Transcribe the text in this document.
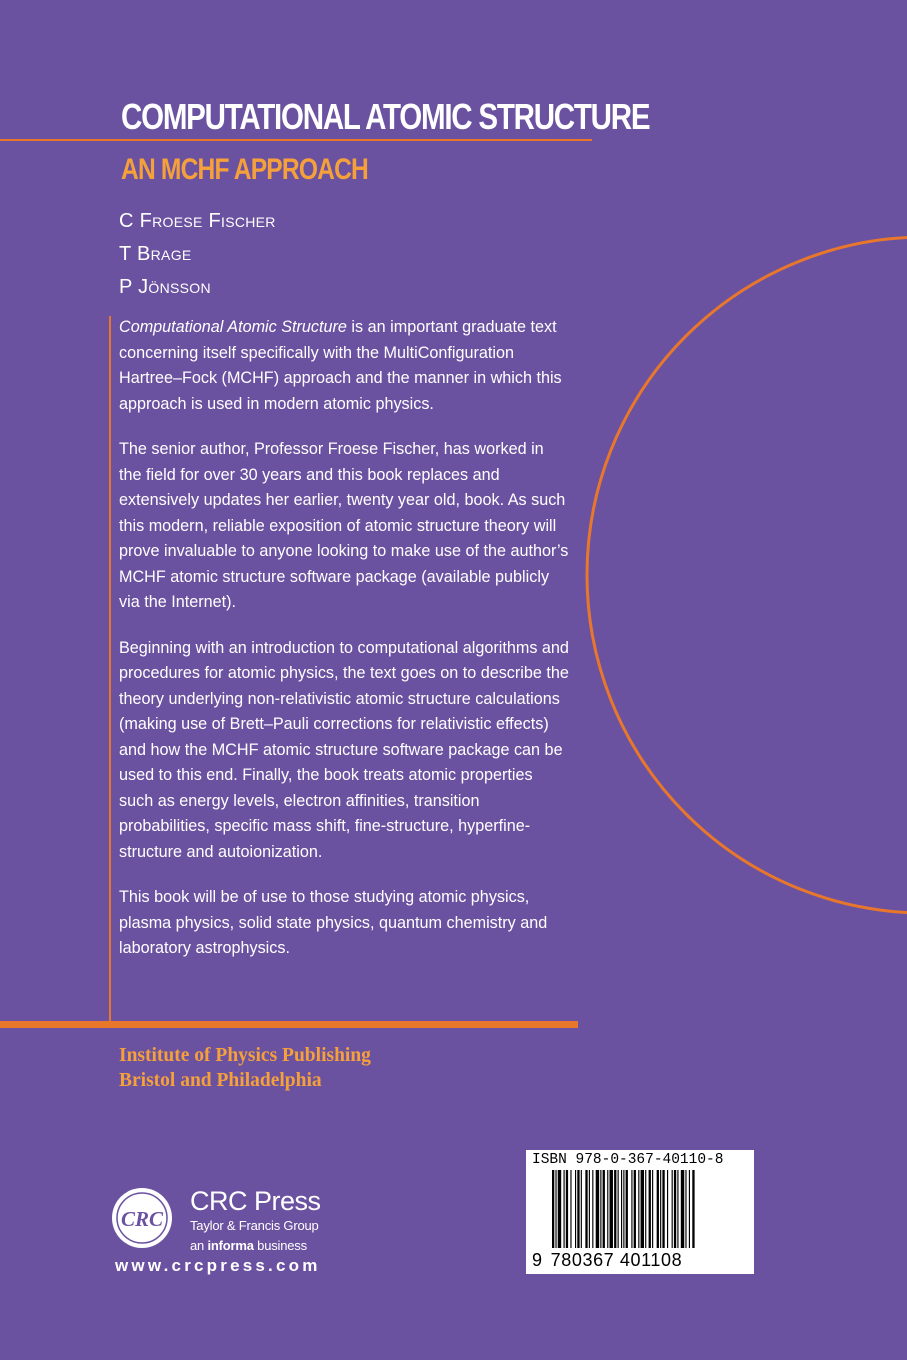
COMPUTATIONAL ATOMIC STRUCTURE
AN MCHF APPROACH
C Froese Fischer
T Brage
P Jönsson

Computational Atomic Structure is an important graduate text concerning itself specifically with the MultiConfiguration Hartree–Fock (MCHF) approach and the manner in which this approach is used in modern atomic physics.

The senior author, Professor Froese Fischer, has worked in the field for over 30 years and this book replaces and extensively updates her earlier, twenty year old, book. As such this modern, reliable exposition of atomic structure theory will prove invaluable to anyone looking to make use of the author’s MCHF atomic structure software package (available publicly via the Internet).

Beginning with an introduction to computational algorithms and procedures for atomic physics, the text goes on to describe the theory underlying non-relativistic atomic structure calculations (making use of Brett–Pauli corrections for relativistic effects) and how the MCHF atomic structure software package can be used to this end. Finally, the book treats atomic properties such as energy levels, electron affinities, transition probabilities, specific mass shift, fine-structure, hyperfine-structure and autoionization.

This book will be of use to those studying atomic physics, plasma physics, solid state physics, quantum chemistry and laboratory astrophysics.

Institute of Physics Publishing
Bristol and Philadelphia
CRC
CRC Press
Taylor & Francis Group
an informa business
www.crcpress.com
ISBN 978-0-367-40110-8
9 780367 401108
